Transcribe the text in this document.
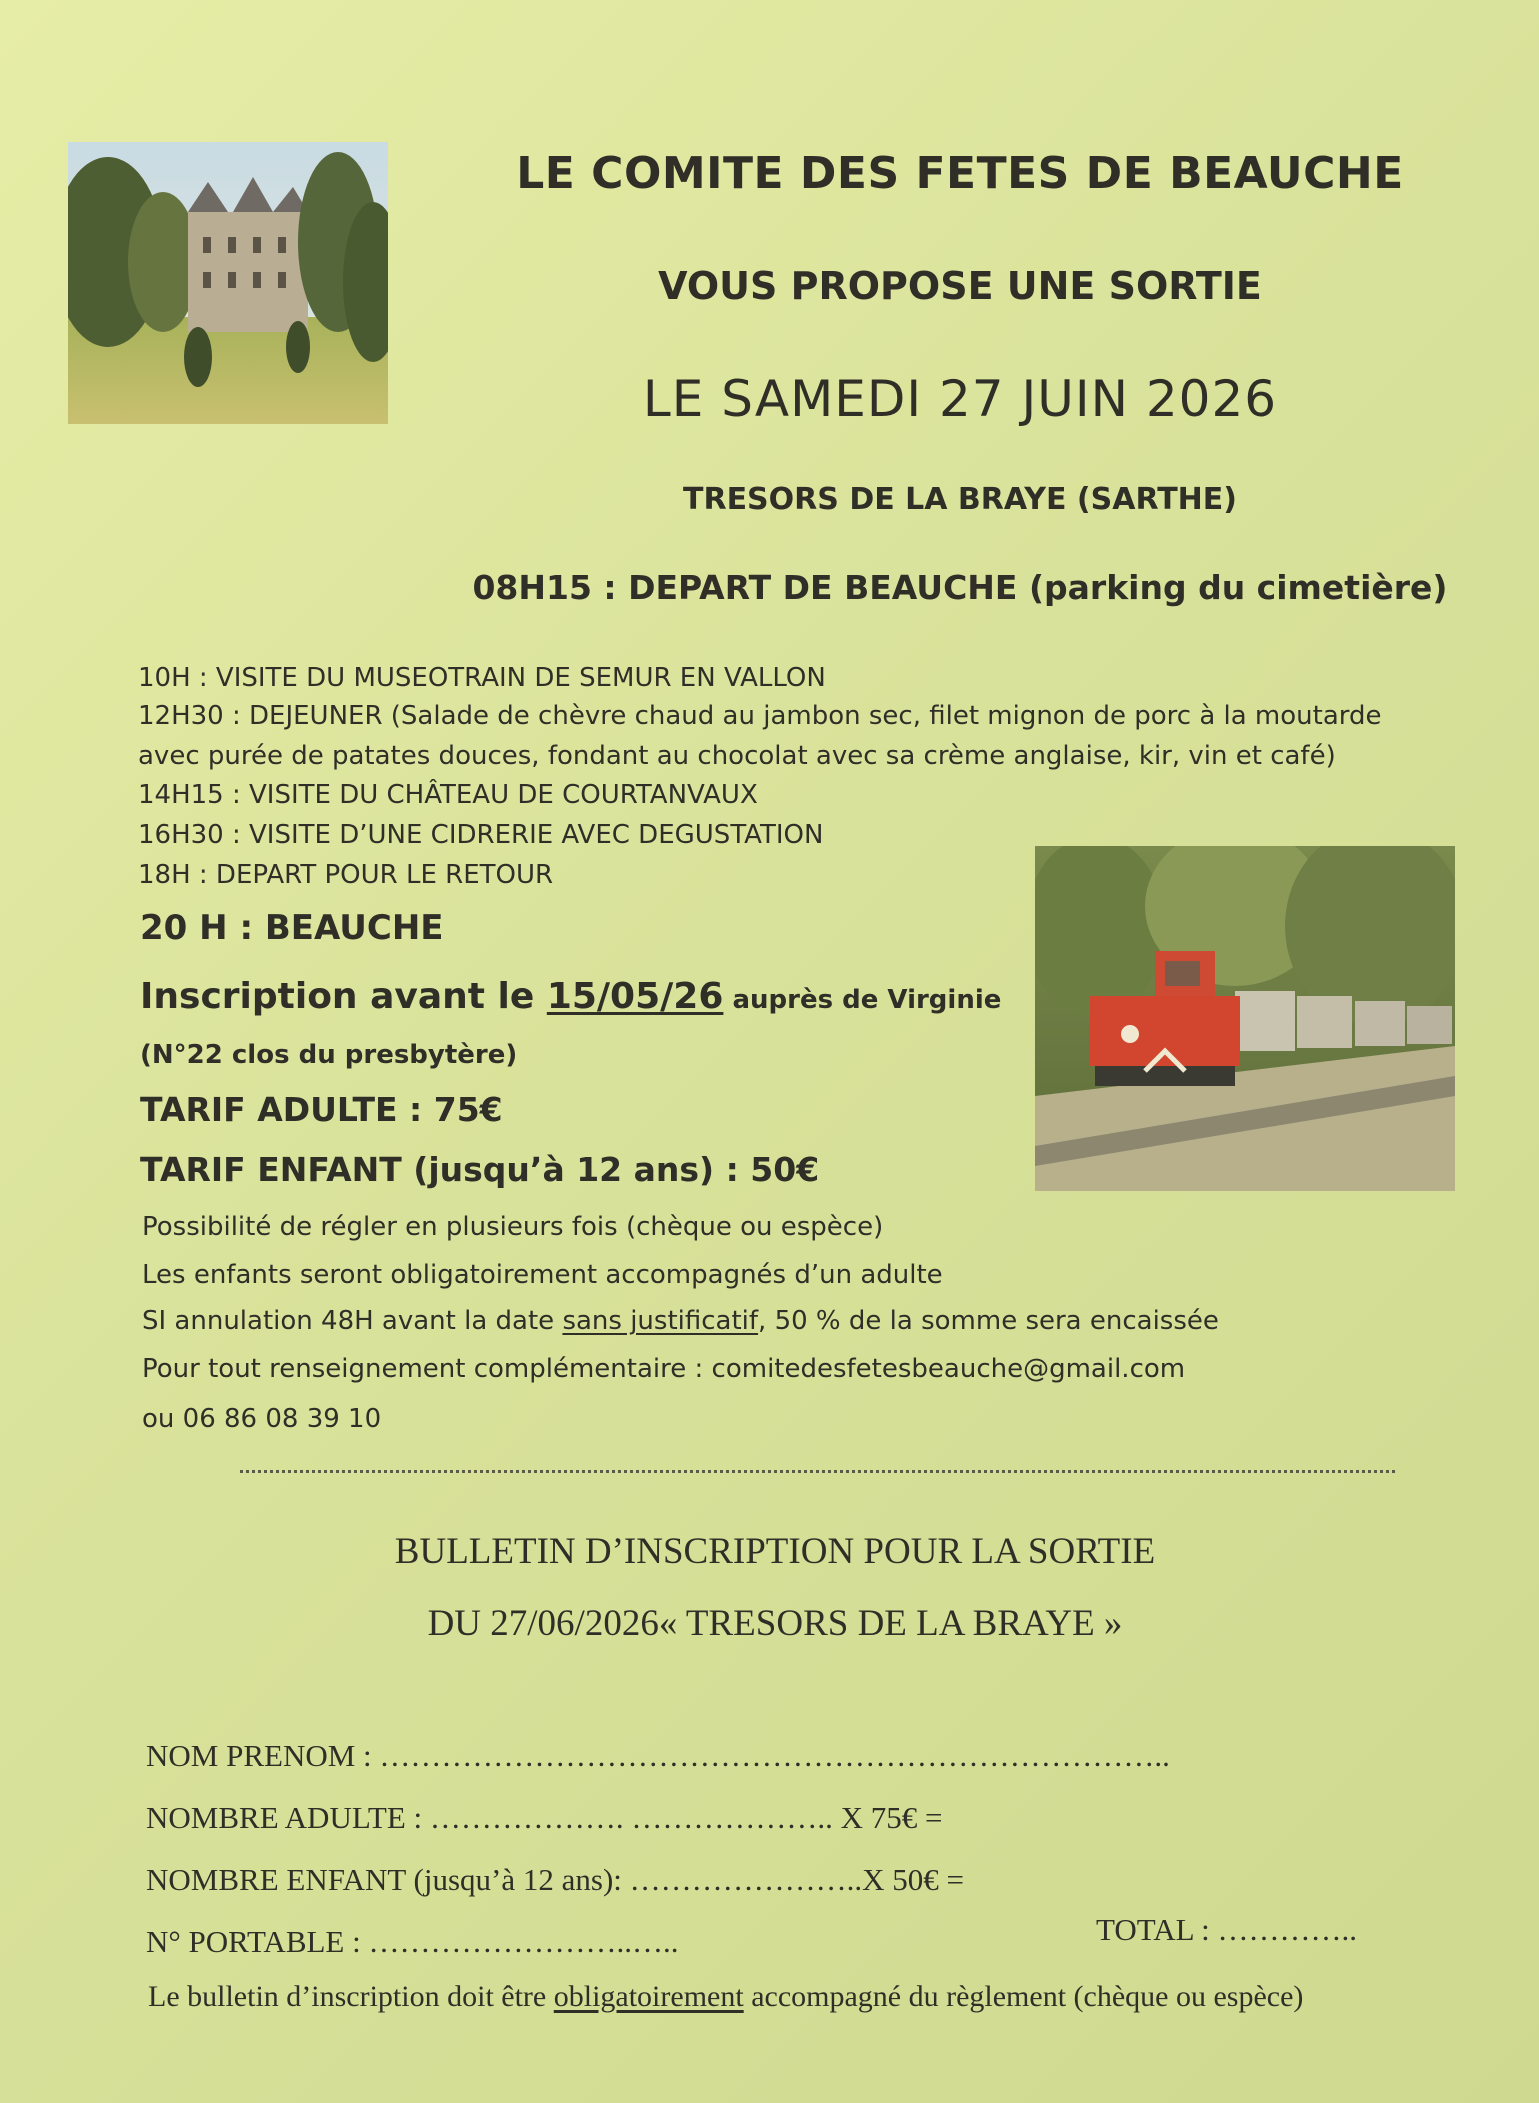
LE COMITE DES FETES DE BEAUCHE
VOUS PROPOSE UNE SORTIE
LE SAMEDI 27 JUIN 2026
TRESORS DE LA BRAYE (SARTHE)
08H15 : DEPART DE BEAUCHE (parking du cimetière)
10H : VISITE DU MUSEOTRAIN DE SEMUR EN VALLON
12H30 : DEJEUNER (Salade de chèvre chaud au jambon sec, filet mignon de porc à la moutarde avec purée de patates douces, fondant au chocolat avec sa crème anglaise, kir, vin et café)
14H15 : VISITE DU CHÂTEAU DE COURTANVAUX
16H30 : VISITE D’UNE CIDRERIE AVEC DEGUSTATION
18H : DEPART POUR LE RETOUR
20 H : BEAUCHE
Inscription avant le 15/05/26 auprès de Virginie
(N°22 clos du presbytère)
TARIF ADULTE : 75€
TARIF ENFANT (jusqu’à 12 ans) : 50€
Possibilité de régler en plusieurs fois (chèque ou espèce)
Les enfants seront obligatoirement accompagnés d’un adulte
SI annulation 48H avant la date sans justificatif, 50 % de la somme sera encaissée
Pour tout renseignement complémentaire : comitedesfetesbeauche@gmail.com
ou 06 86 08 39 10
BULLETIN D’INSCRIPTION POUR LA SORTIE
DU 27/06/2026« TRESORS DE LA BRAYE »
NOM PRENOM : …………………………………………………………………..
NOMBRE ADULTE : ………………. ……………….. X 75€ =
NOMBRE ENFANT (jusqu’à 12 ans): …………………..X 50€ =
N° PORTABLE : ……………………..…..	TOTAL : …………..
Le bulletin d’inscription doit être obligatoirement accompagné du règlement (chèque ou espèce)
